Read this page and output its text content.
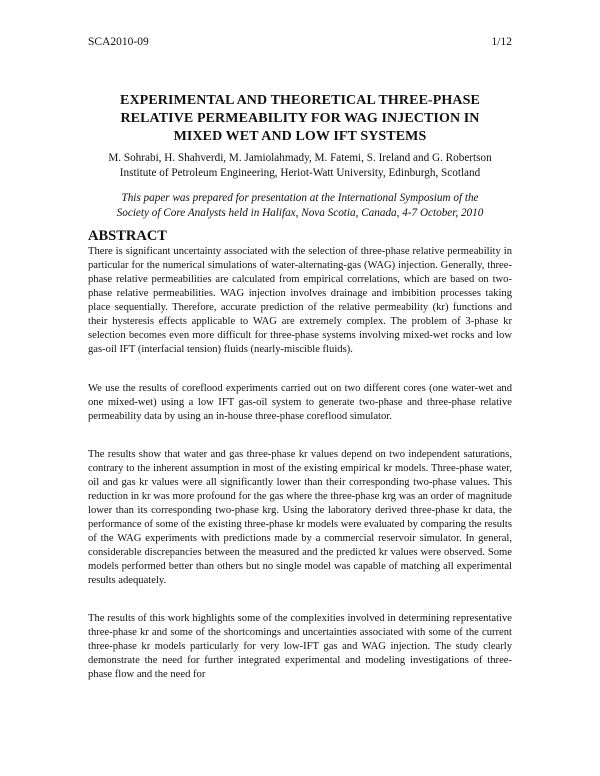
SCA2010-09	1/12
EXPERIMENTAL AND THEORETICAL THREE-PHASE
RELATIVE PERMEABILITY FOR WAG INJECTION IN
MIXED WET AND LOW IFT SYSTEMS
M. Sohrabi, H. Shahverdi, M. Jamiolahmady, M. Fatemi, S. Ireland and G. Robertson
Institute of Petroleum Engineering, Heriot-Watt University, Edinburgh, Scotland
This paper was prepared for presentation at the International Symposium of the
Society of Core Analysts held in Halifax, Nova Scotia, Canada, 4-7 October, 2010
ABSTRACT

There is significant uncertainty associated with the selection of three-phase relative permeability in particular for the numerical simulations of water-alternating-gas (WAG) injection. Generally, three-phase relative permeabilities are calculated from empirical correlations, which are based on two-phase relative permeabilities. WAG injection involves drainage and imbibition processes taking place sequentially. Therefore, accurate prediction of the relative permeability (kr) functions and their hysteresis effects applicable to WAG are extremely complex. The problem of 3-phase kr selection becomes even more difficult for three-phase systems involving mixed-wet rocks and low gas-oil IFT (interfacial tension) fluids (nearly-miscible fluids).

We use the results of coreflood experiments carried out on two different cores (one water-wet and one mixed-wet) using a low IFT gas-oil system to generate two-phase and three-phase relative permeability data by using an in-house three-phase coreflood simulator.

The results show that water and gas three-phase kr values depend on two independent saturations, contrary to the inherent assumption in most of the existing empirical kr models. Three-phase water, oil and gas kr values were all significantly lower than their corresponding two-phase values. This reduction in kr was more profound for the gas where the three-phase krg was an order of magnitude lower than its corresponding two-phase krg. Using the laboratory derived three-phase kr data, the performance of some of the existing three-phase kr models were evaluated by comparing the results of the WAG experiments with predictions made by a commercial reservoir simulator. In general, considerable discrepancies between the measured and the predicted kr values were observed. Some models performed better than others but no single model was capable of matching all experimental results adequately.

The results of this work highlights some of the complexities involved in determining representative three-phase kr and some of the shortcomings and uncertainties associated with some of the current three-phase kr models particularly for very low-IFT gas and WAG injection. The study clearly demonstrate the need for further integrated experimental and modeling investigations of three-phase flow and the need for
